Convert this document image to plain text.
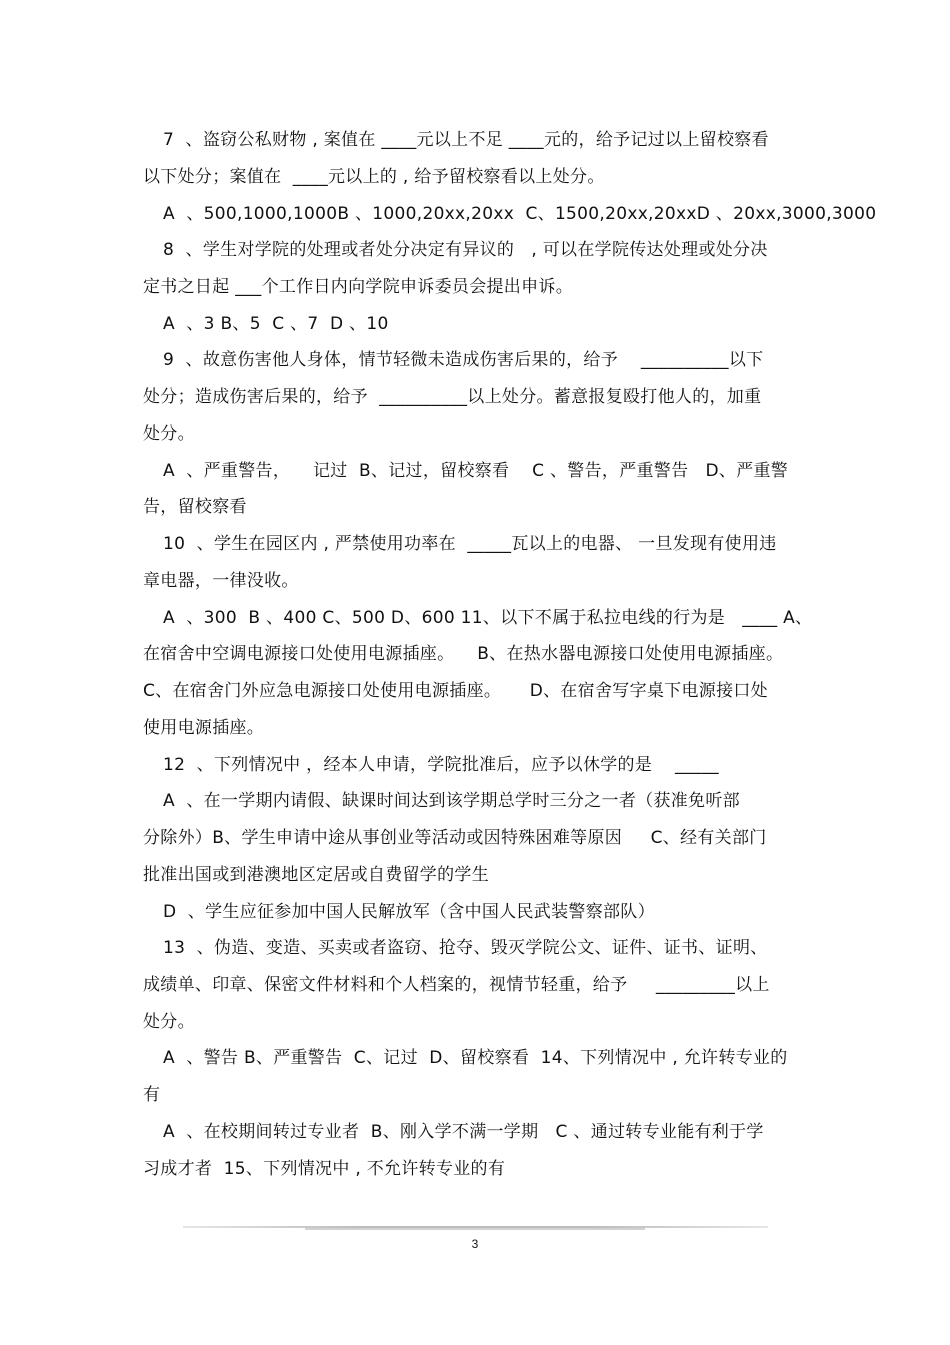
7  、盗窃公私财物 , 案值在 ____元以上不足 ____元的，给予记过以上留校察看
以下处分；案值在  ____元以上的 , 给予留校察看以上处分。
A  、500,1000,1000B 、1000,20xx,20xx  C、1500,20xx,20xxD 、20xx,3000,3000
8  、学生对学院的处理或者处分决定有异议的   , 可以在学院传达处理或处分决
定书之日起 ___个工作日内向学院申诉委员会提出申诉。
A  、3 B、5  C 、7  D 、10
9  、故意伤害他人身体，情节轻微未造成伤害后果的，给予    __________以下
处分；造成伤害后果的，给予  __________以上处分。蓄意报复殴打他人的，加重
处分。
A  、严重警告，    记过  B、记过，留校察看    C 、警告，严重警告   D、严重警
告，留校察看
10  、学生在园区内 , 严禁使用功率在  _____瓦以上的电器、 一旦发现有使用违
章电器，一律没收。
A  、300  B 、400 C、500 D、600 11、以下不属于私拉电线的行为是   ____ A、
在宿舍中空调电源接口处使用电源插座。    B、在热水器电源接口处使用电源插座。
C、在宿舍门外应急电源接口处使用电源插座。     D、在宿舍写字桌下电源接口处
使用电源插座。
12  、下列情况中 ，经本人申请，学院批准后，应予以休学的是    _____
A  、在一学期内请假、缺课时间达到该学期总学时三分之一者（获准免听部
分除外）B、学生申请中途从事创业等活动或因特殊困难等原因     C、经有关部门
批准出国或到港澳地区定居或自费留学的学生
D  、学生应征参加中国人民解放军（含中国人民武装警察部队）
13  、伪造、变造、买卖或者盗窃、抢夺、毁灭学院公文、证件、证书、证明、
成绩单、印章、保密文件材料和个人档案的，视情节轻重，给予     _________以上
处分。
A  、警告 B、严重警告  C、记过  D、留校察看  14、下列情况中 , 允许转专业的
有
A  、在校期间转过专业者  B、刚入学不满一学期   C 、通过转专业能有利于学
习成才者  15、下列情况中 , 不允许转专业的有
3
